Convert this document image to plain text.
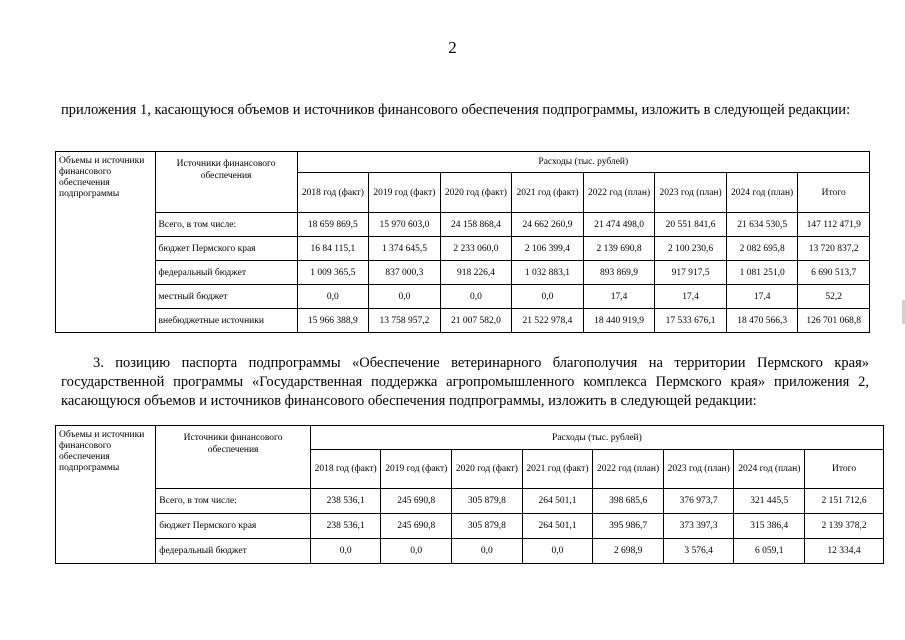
2
приложения 1, касающуюся объемов и источников финансового обеспечения подпрограммы, изложить в следующей редакции:
Объемы и источники финансового обеспечения подпрограммы	Источники финансового обеспечения	Расходы (тыс. рублей)							
		2018 год (факт)	2019 год (факт)	2020 год (факт)	2021 год (факт)	2022 год (план)	2023 год (план)	2024 год (план)	Итого
	Всего, в том числе:	18 659 869,5	15 970 603,0	24 158 868,4	24 662 260,9	21 474 498,0	20 551 841,6	21 634 530,5	147 112 471,9
	бюджет Пермского края	16 84 115,1	1 374 645,5	2 233 060,0	2 106 399,4	2 139 690,8	2 100 230,6	2 082 695,8	13 720 837,2
	федеральный бюджет	1 009 365,5	837 000,3	918 226,4	1 032 883,1	893 869,9	917 917,5	1 081 251,0	6 690 513,7
	местный бюджет	0,0	0,0	0,0	0,0	17,4	17,4	17,4	52,2
	внебюджетные источники	15 966 388,9	13 758 957,2	21 007 582,0	21 522 978,4	18 440 919,9	17 533 676,1	18 470 566,3	126 701 068,8
3. позицию паспорта подпрограммы «Обеспечение ветеринарного благополучия на территории Пермского края» государственной программы «Государственная поддержка агропромышленного комплекса Пермского края» приложения 2, касающуюся объемов и источников финансового обеспечения подпрограммы, изложить в следующей редакции:
Объемы и источники финансового обеспечения подпрограммы	Источники финансового обеспечения	Расходы (тыс. рублей)							
		2018 год (факт)	2019 год (факт)	2020 год (факт)	2021 год (факт)	2022 год (план)	2023 год (план)	2024 год (план)	Итого
	Всего, в том числе:	238 536,1	245 690,8	305 879,8	264 501,1	398 685,6	376 973,7	321 445,5	2 151 712,6
	бюджет Пермского края	238 536,1	245 690,8	305 879,8	264 501,1	395 986,7	373 397,3	315 386,4	2 139 378,2
	федеральный бюджет	0,0	0,0	0,0	0,0	2 698,9	3 576,4	6 059,1	12 334,4
